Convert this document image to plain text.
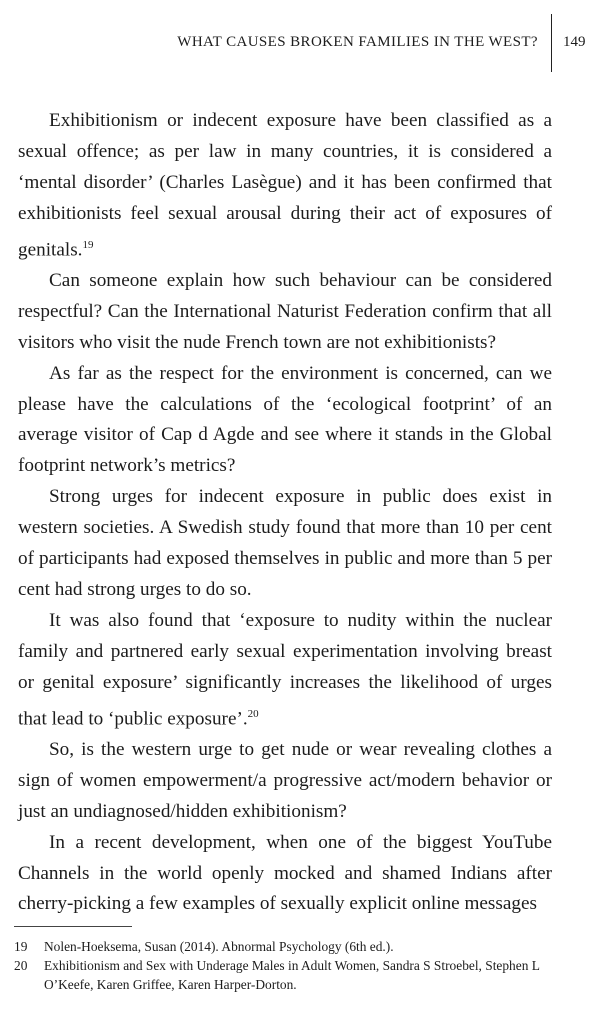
WHAT CAUSES BROKEN FAMILIES IN THE WEST? 149

Exhibitionism or indecent exposure have been classified as a sexual offence; as per law in many countries, it is considered a ‘mental disorder’ (Charles Lasègue) and it has been confirmed that exhibitionists feel sexual arousal during their act of exposures of genitals.$^{19}$

Can someone explain how such behaviour can be considered respectful? Can the International Naturist Federation confirm that all visitors who visit the nude French town are not exhibitionists?

As far as the respect for the environment is concerned, can we please have the calculations of the ‘ecological footprint’ of an average visitor of Cap d Agde and see where it stands in the Global footprint network’s metrics?

Strong urges for indecent exposure in public does exist in western societies. A Swedish study found that more than 10 per cent of participants had exposed themselves in public and more than 5 per cent had strong urges to do so.

It was also found that ‘exposure to nudity within the nuclear family and partnered early sexual experimentation involving breast or genital exposure’ significantly increases the likelihood of urges that lead to ‘public exposure’.$^{20}$

So, is the western urge to get nude or wear revealing clothes a sign of women empowerment/a progressive act/modern behavior or just an undiagnosed/hidden exhibitionism?

In a recent development, when one of the biggest YouTube Channels in the world openly mocked and shamed Indians after cherry-picking a few examples of sexually explicit online messages

19 Nolen-Hoeksema, Susan (2014). Abnormal Psychology (6th ed.).

20 Exhibitionism and Sex with Underage Males in Adult Women, Sandra S Stroebel, Stephen L O’Keefe, Karen Griffee, Karen Harper-Dorton.
